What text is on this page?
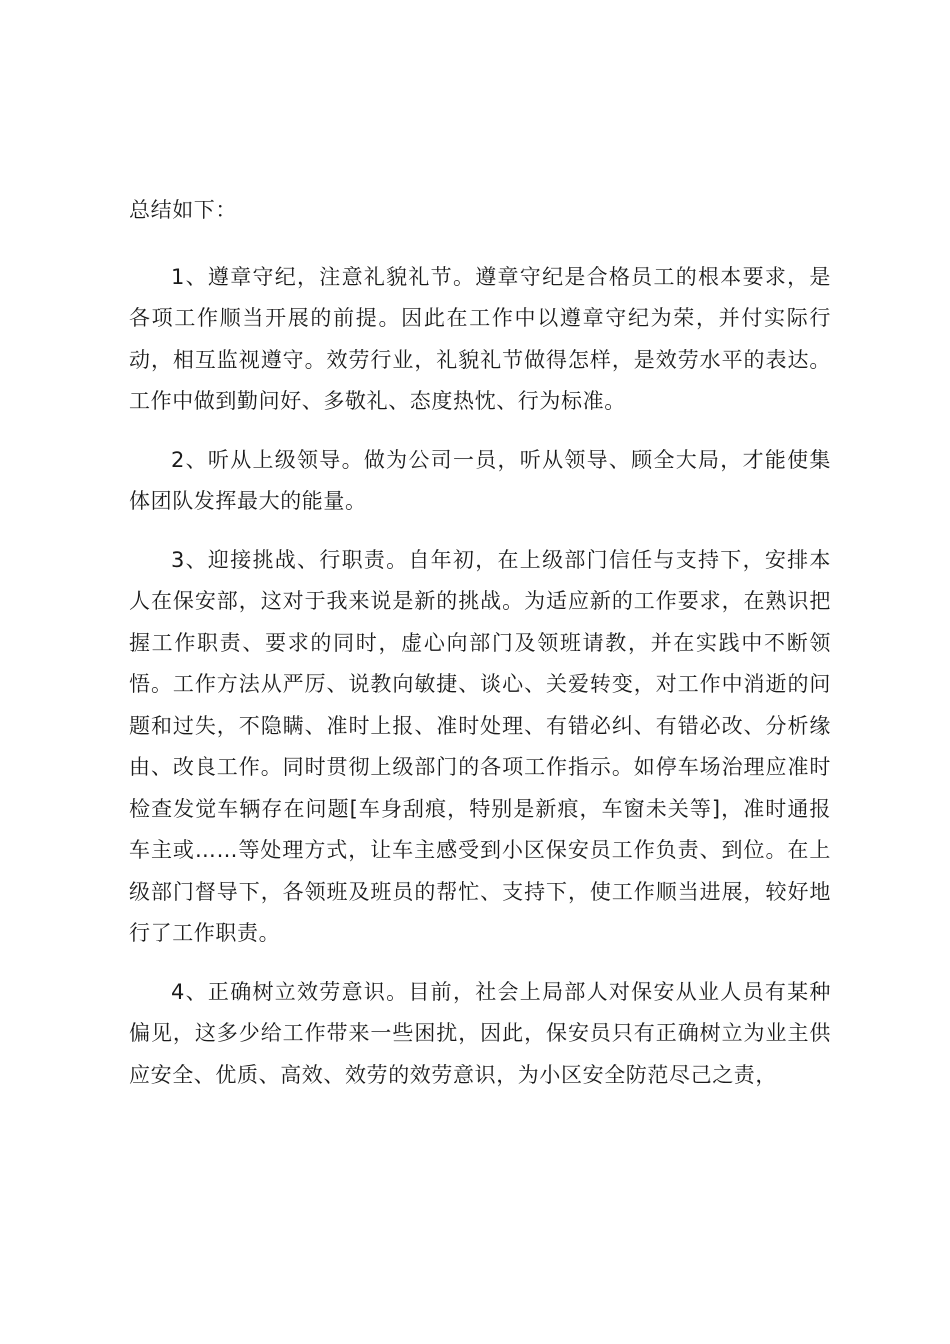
总结如下：

1、遵章守纪，注意礼貌礼节。遵章守纪是合格员工的根本要求，是各项工作顺当开展的前提。因此在工作中以遵章守纪为荣，并付实际行动，相互监视遵守。效劳行业，礼貌礼节做得怎样，是效劳水平的表达。工作中做到勤问好、多敬礼、态度热忱、行为标准。

2、听从上级领导。做为公司一员，听从领导、顾全大局，才能使集体团队发挥最大的能量。

3、迎接挑战、行职责。自年初，在上级部门信任与支持下，安排本人在保安部，这对于我来说是新的挑战。为适应新的工作要求，在熟识把握工作职责、要求的同时，虚心向部门及领班请教，并在实践中不断领悟。工作方法从严厉、说教向敏捷、谈心、关爱转变，对工作中消逝的问题和过失，不隐瞒、准时上报、准时处理、有错必纠、有错必改、分析缘由、改良工作。同时贯彻上级部门的各项工作指示。如停车场治理应准时检查发觉车辆存在问题[车身刮痕，特别是新痕，车窗未关等]，准时通报车主或……等处理方式，让车主感受到小区保安员工作负责、到位。在上级部门督导下，各领班及班员的帮忙、支持下，使工作顺当进展，较好地行了工作职责。

4、正确树立效劳意识。目前，社会上局部人对保安从业人员有某种偏见，这多少给工作带来一些困扰，因此，保安员只有正确树立为业主供应安全、优质、高效、效劳的效劳意识，为小区安全防范尽己之责，
